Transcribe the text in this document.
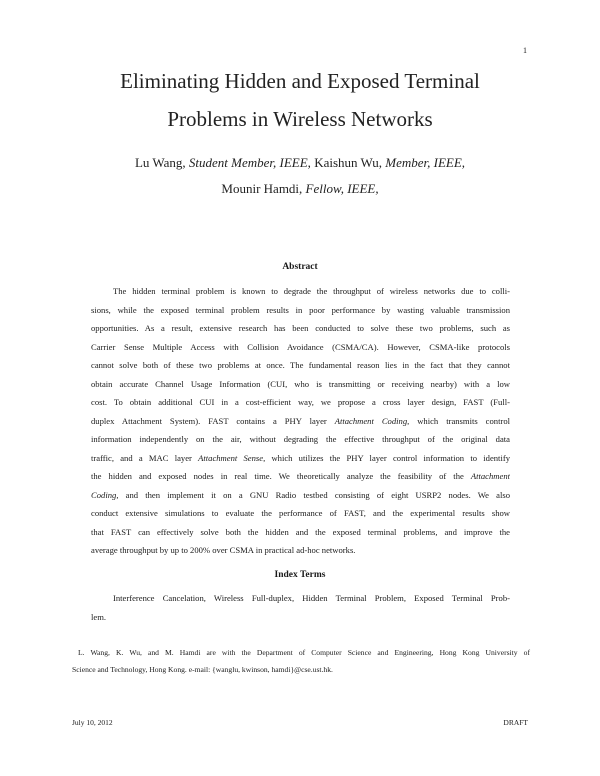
1
Eliminating Hidden and Exposed Terminal
Problems in Wireless Networks
Lu Wang, Student Member, IEEE, Kaishun Wu, Member, IEEE,
Mounir Hamdi, Fellow, IEEE,
Abstract
The hidden terminal problem is known to degrade the throughput of wireless networks due to colli-
sions, while the exposed terminal problem results in poor performance by wasting valuable transmission
opportunities. As a result, extensive research has been conducted to solve these two problems, such as
Carrier Sense Multiple Access with Collision Avoidance (CSMA/CA). However, CSMA-like protocols
cannot solve both of these two problems at once. The fundamental reason lies in the fact that they cannot
obtain accurate Channel Usage Information (CUI, who is transmitting or receiving nearby) with a low
cost. To obtain additional CUI in a cost-efficient way, we propose a cross layer design, FAST (Full-
duplex Attachment System). FAST contains a PHY layer Attachment Coding, which transmits control
information independently on the air, without degrading the effective throughput of the original data
traffic, and a MAC layer Attachment Sense, which utilizes the PHY layer control information to identify
the hidden and exposed nodes in real time. We theoretically analyze the feasibility of the Attachment
Coding, and then implement it on a GNU Radio testbed consisting of eight USRP2 nodes. We also
conduct extensive simulations to evaluate the performance of FAST, and the experimental results show
that FAST can effectively solve both the hidden and the exposed terminal problems, and improve the
average throughput by up to 200% over CSMA in practical ad-hoc networks.
Index Terms
Interference Cancelation, Wireless Full-duplex, Hidden Terminal Problem, Exposed Terminal Prob-
lem.
L. Wang, K. Wu, and M. Hamdi are with the Department of Computer Science and Engineering, Hong Kong University of
Science and Technology, Hong Kong. e-mail: {wanglu, kwinson, hamdi}@cse.ust.hk.
July 10, 2012	DRAFT
